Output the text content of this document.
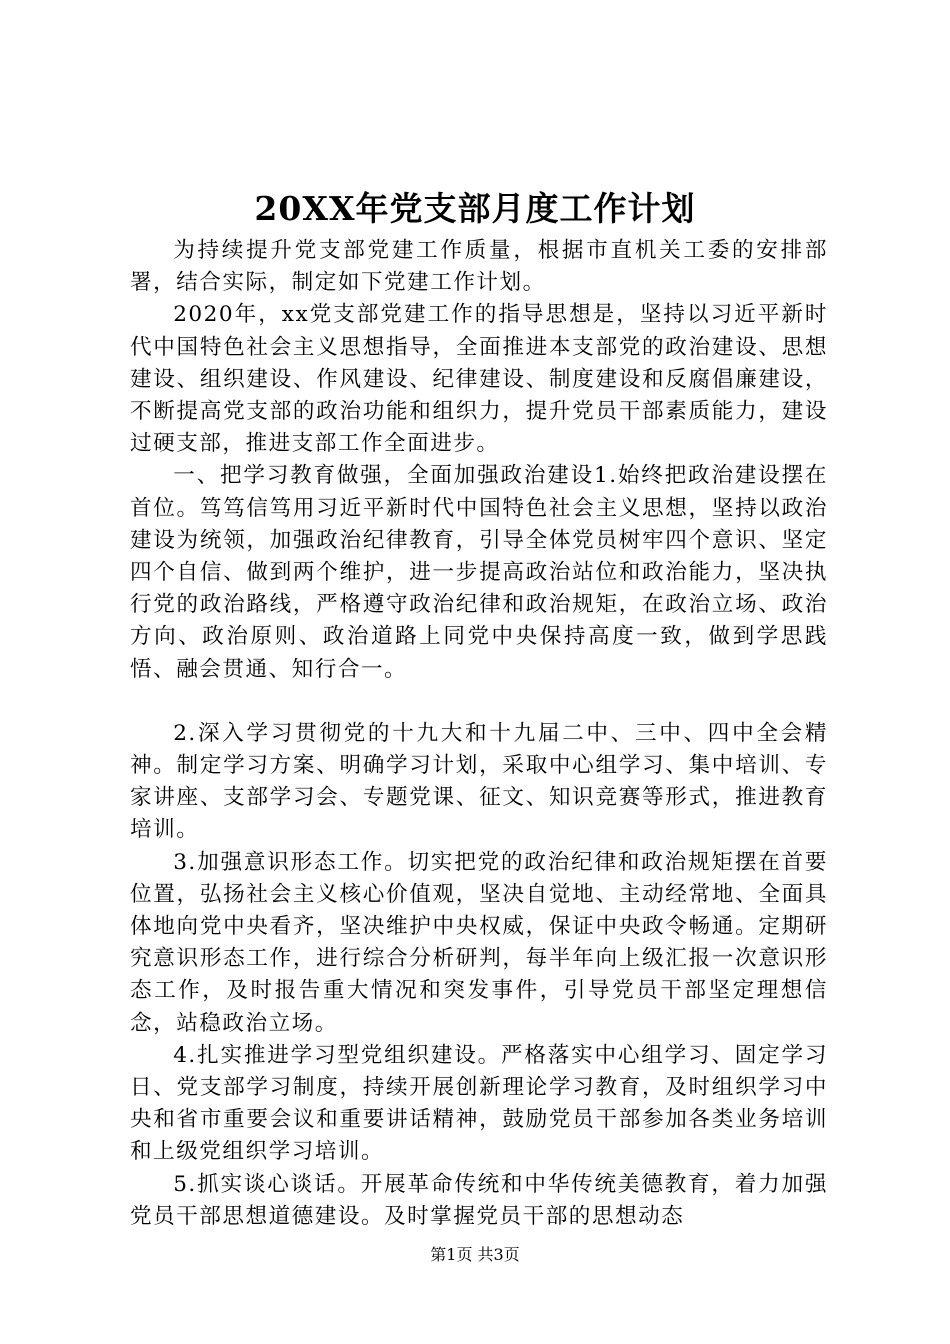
20XX年党支部月度工作计划

为持续提升党支部党建工作质量，根据市直机关工委的安排部署，结合实际，制定如下党建工作计划。

2020年，xx党支部党建工作的指导思想是，坚持以习近平新时代中国特色社会主义思想指导，全面推进本支部党的政治建设、思想建设、组织建设、作风建设、纪律建设、制度建设和反腐倡廉建设，不断提高党支部的政治功能和组织力，提升党员干部素质能力，建设过硬支部，推进支部工作全面进步。

一、把学习教育做强，全面加强政治建设1.始终把政治建设摆在首位。笃笃信笃用习近平新时代中国特色社会主义思想，坚持以政治建设为统领，加强政治纪律教育，引导全体党员树牢四个意识、坚定四个自信、做到两个维护，进一步提高政治站位和政治能力，坚决执行党的政治路线，严格遵守政治纪律和政治规矩，在政治立场、政治方向、政治原则、政治道路上同党中央保持高度一致，做到学思践悟、融会贯通、知行合一。

2.深入学习贯彻党的十九大和十九届二中、三中、四中全会精神。制定学习方案、明确学习计划，采取中心组学习、集中培训、专家讲座、支部学习会、专题党课、征文、知识竞赛等形式，推进教育培训。

3.加强意识形态工作。切实把党的政治纪律和政治规矩摆在首要位置，弘扬社会主义核心价值观，坚决自觉地、主动经常地、全面具体地向党中央看齐，坚决维护中央权威，保证中央政令畅通。定期研究意识形态工作，进行综合分析研判，每半年向上级汇报一次意识形态工作，及时报告重大情况和突发事件，引导党员干部坚定理想信念，站稳政治立场。

4.扎实推进学习型党组织建设。严格落实中心组学习、固定学习日、党支部学习制度，持续开展创新理论学习教育，及时组织学习中央和省市重要会议和重要讲话精神，鼓励党员干部参加各类业务培训和上级党组织学习培训。

5.抓实谈心谈话。开展革命传统和中华传统美德教育，着力加强党员干部思想道德建设。及时掌握党员干部的思想动态

第1页 共3页
